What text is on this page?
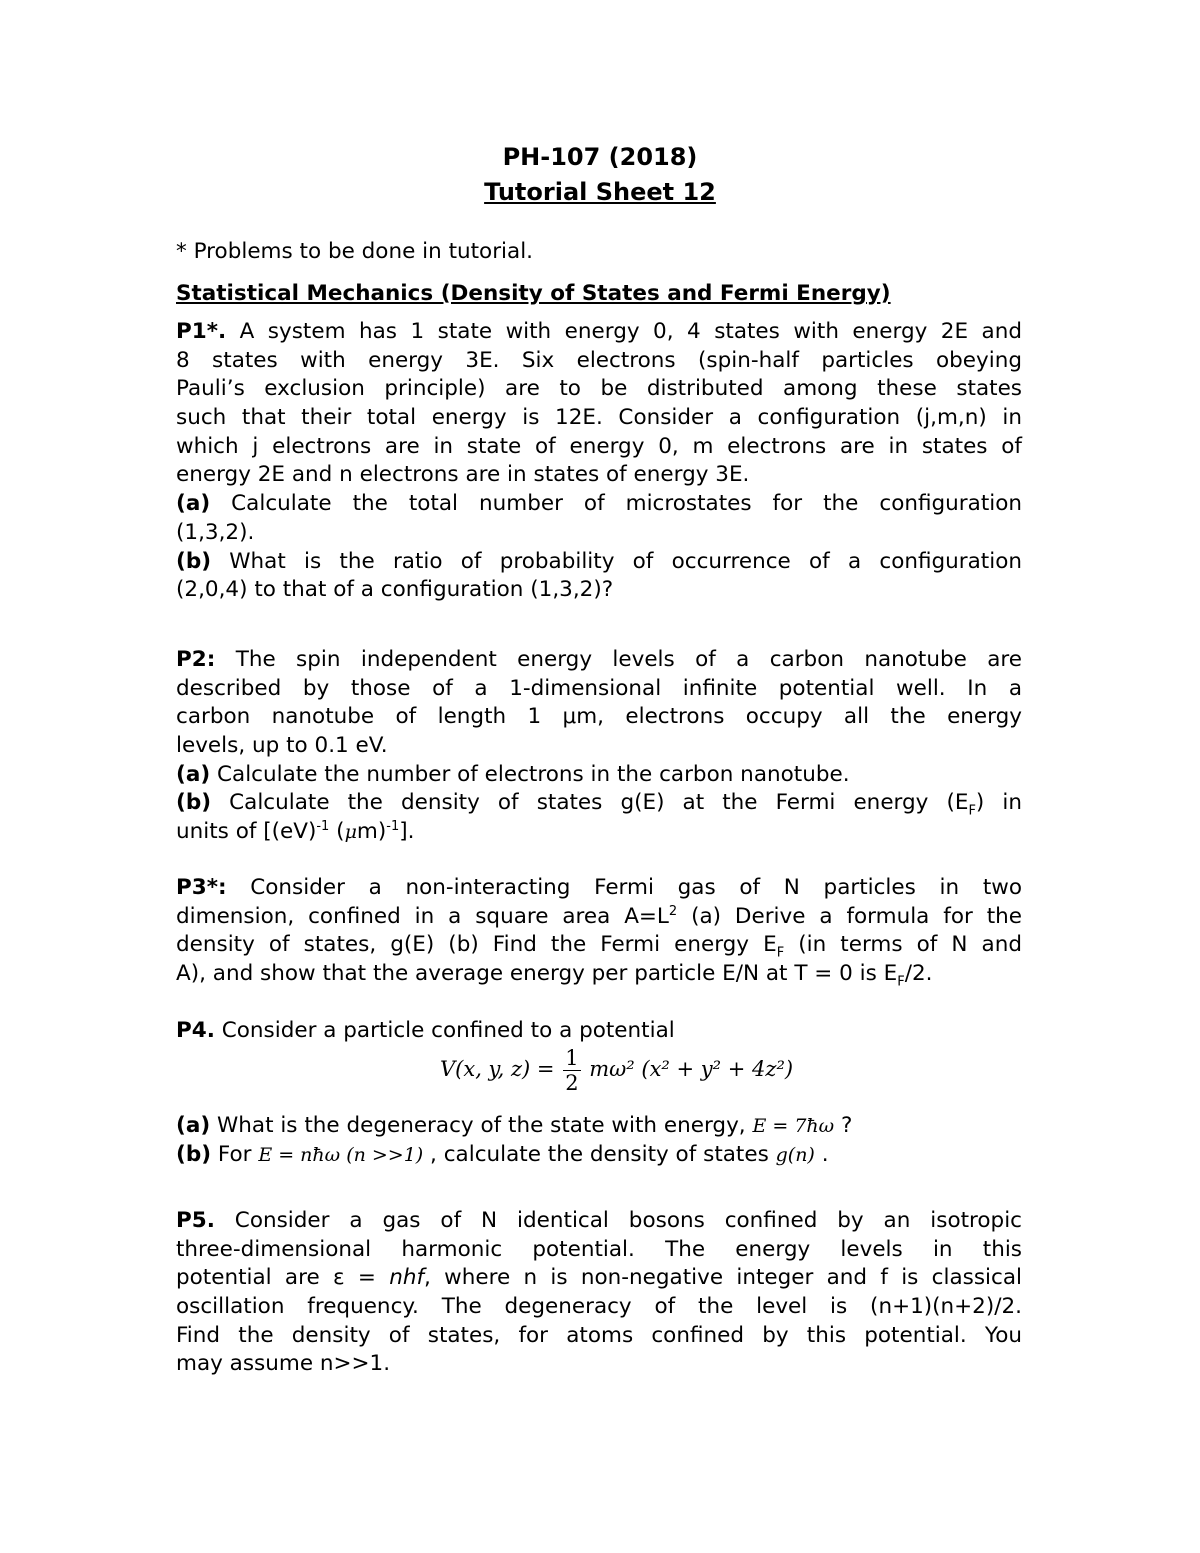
PH-107 (2018)
Tutorial Sheet 12
* Problems to be done in tutorial.
Statistical Mechanics (Density of States and Fermi Energy)
P1*. A system has 1 state with energy 0, 4 states with energy 2E and
8 states with energy 3E. Six electrons (spin-half particles obeying
Pauli’s exclusion principle) are to be distributed among these states
such that their total energy is 12E. Consider a configuration (j,m,n) in
which j electrons are in state of energy 0, m electrons are in states of
energy 2E and n electrons are in states of energy 3E.
(a) Calculate the total number of microstates for the configuration
(1,3,2).
(b) What is the ratio of probability of occurrence of a configuration
(2,0,4) to that of a configuration (1,3,2)?
P2: The spin independent energy levels of a carbon nanotube are
described by those of a 1-dimensional infinite potential well. In a
carbon nanotube of length 1 μm, electrons occupy all the energy
levels, up to 0.1 eV.
(a) Calculate the number of electrons in the carbon nanotube.
(b) Calculate the density of states g(E) at the Fermi energy $(E_F)$ in
units of [(eV)$^{-1}$ $(\mu m)^{-1}$].
P3*: Consider a non-interacting Fermi gas of N particles in two
dimension, confined in a square area $A=L^2$ (a) Derive a formula for the
density of states, g(E) (b) Find the Fermi energy $E_F$ (in terms of N and
A), and show that the average energy per particle E/N at T = 0 is $E_F/2$.
P4. Consider a particle confined to a potential
V(x, y, $z) = \frac{1}{2} m\omega^2$ (x² + y² + 4z²)
(a) What is the degeneracy of the state with energy, E = 7ħω ?
(b) For E = nħω (n >>1) , calculate the density of states g(n) .
P5. Consider a gas of N identical bosons confined by an isotropic
three-dimensional harmonic potential. The energy levels in this
potential are ε = nhf, where n is non-negative integer and f is classical
oscillation frequency. The degeneracy of the level is (n+1)(n+2)/2.
Find the density of states, for atoms confined by this potential. You
may assume n>>1.
